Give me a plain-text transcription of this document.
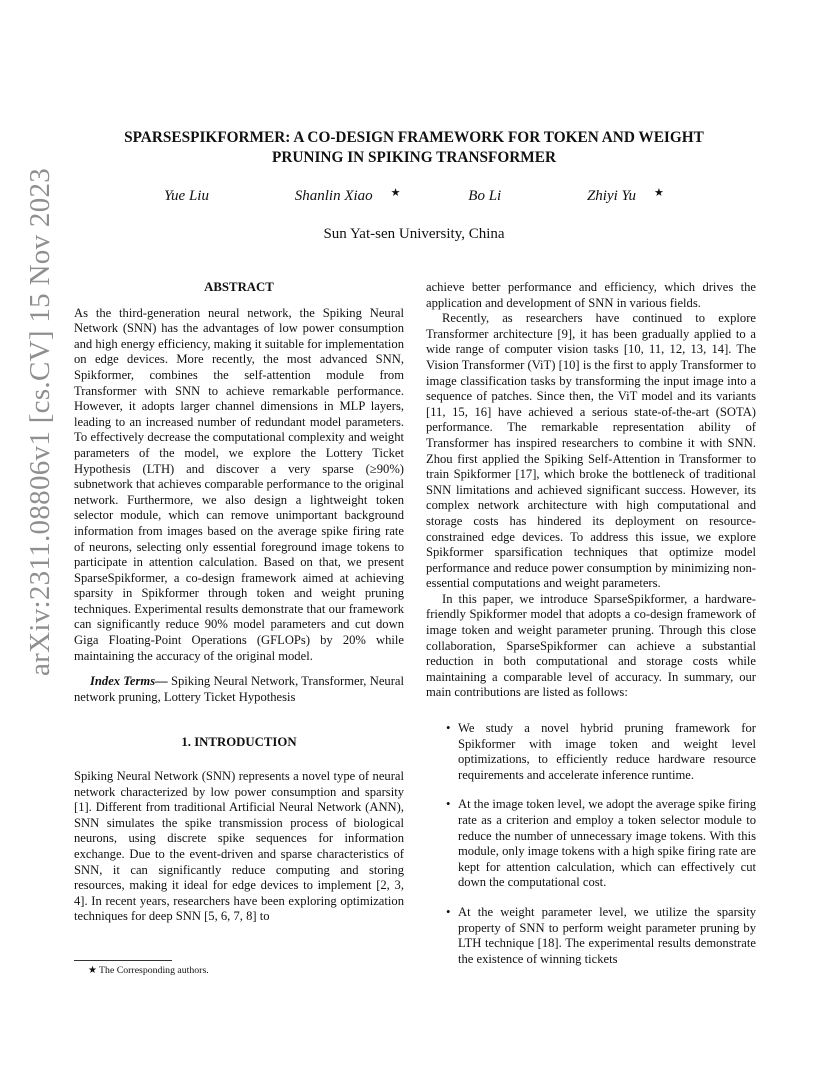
arXiv:2311.08806v1 [cs.CV] 15 Nov 2023
SPARSESPIKFORMER: A CO-DESIGN FRAMEWORK FOR TOKEN AND WEIGHT
PRUNING IN SPIKING TRANSFORMER
Yue Liu	Shanlin Xiao ★	Bo Li	Zhiyi Yu ★
Sun Yat-sen University, China
ABSTRACT

As the third-generation neural network, the Spiking Neural Network (SNN) has the advantages of low power consumption and high energy efficiency, making it suitable for implementation on edge devices. More recently, the most advanced SNN, Spikformer, combines the self-attention module from Transformer with SNN to achieve remarkable performance. However, it adopts larger channel dimensions in MLP layers, leading to an increased number of redundant model parameters. To effectively decrease the computational complexity and weight parameters of the model, we explore the Lottery Ticket Hypothesis (LTH) and discover a very sparse (≥90%) subnetwork that achieves comparable performance to the original network. Furthermore, we also design a lightweight token selector module, which can remove unimportant background information from images based on the average spike firing rate of neurons, selecting only essential foreground image tokens to participate in attention calculation. Based on that, we present SparseSpikformer, a co-design framework aimed at achieving sparsity in Spikformer through token and weight pruning techniques. Experimental results demonstrate that our framework can significantly reduce 90% model parameters and cut down Giga Floating-Point Operations (GFLOPs) by 20% while maintaining the accuracy of the original model.

Index Terms— Spiking Neural Network, Transformer, Neural network pruning, Lottery Ticket Hypothesis

1. INTRODUCTION

Spiking Neural Network (SNN) represents a novel type of neural network characterized by low power consumption and sparsity [1]. Different from traditional Artificial Neural Network (ANN), SNN simulates the spike transmission process of biological neurons, using discrete spike sequences for information exchange. Due to the event-driven and sparse characteristics of SNN, it can significantly reduce computing and storing resources, making it ideal for edge devices to implement [2, 3, 4]. In recent years, researchers have been exploring optimization techniques for deep SNN [5, 6, 7, 8] to

achieve better performance and efficiency, which drives the application and development of SNN in various fields.

Recently, as researchers have continued to explore Transformer architecture [9], it has been gradually applied to a wide range of computer vision tasks [10, 11, 12, 13, 14]. The Vision Transformer (ViT) [10] is the first to apply Transformer to image classification tasks by transforming the input image into a sequence of patches. Since then, the ViT model and its variants [11, 15, 16] have achieved a serious state-of-the-art (SOTA) performance. The remarkable representation ability of Transformer has inspired researchers to combine it with SNN. Zhou first applied the Spiking Self-Attention in Transformer to train Spikformer [17], which broke the bottleneck of traditional SNN limitations and achieved significant success. However, its complex network architecture with high computational and storage costs has hindered its deployment on resource-constrained edge devices. To address this issue, we explore Spikformer sparsification techniques that optimize model performance and reduce power consumption by minimizing non-essential computations and weight parameters.

In this paper, we introduce SparseSpikformer, a hardware-friendly Spikformer model that adopts a co-design framework of image token and weight parameter pruning. Through this close collaboration, SparseSpikformer can achieve a substantial reduction in both computational and storage costs while maintaining a comparable level of accuracy. In summary, our main contributions are listed as follows:

• We study a novel hybrid pruning framework for Spikformer with image token and weight level optimizations, to efficiently reduce hardware resource requirements and accelerate inference runtime.
• At the image token level, we adopt the average spike firing rate as a criterion and employ a token selector module to reduce the number of unnecessary image tokens. With this module, only image tokens with a high spike firing rate are kept for attention calculation, which can effectively cut down the computational cost.
• At the weight parameter level, we utilize the sparsity property of SNN to perform weight parameter pruning by LTH technique [18]. The experimental results demonstrate the existence of winning tickets
★ The Corresponding authors.
